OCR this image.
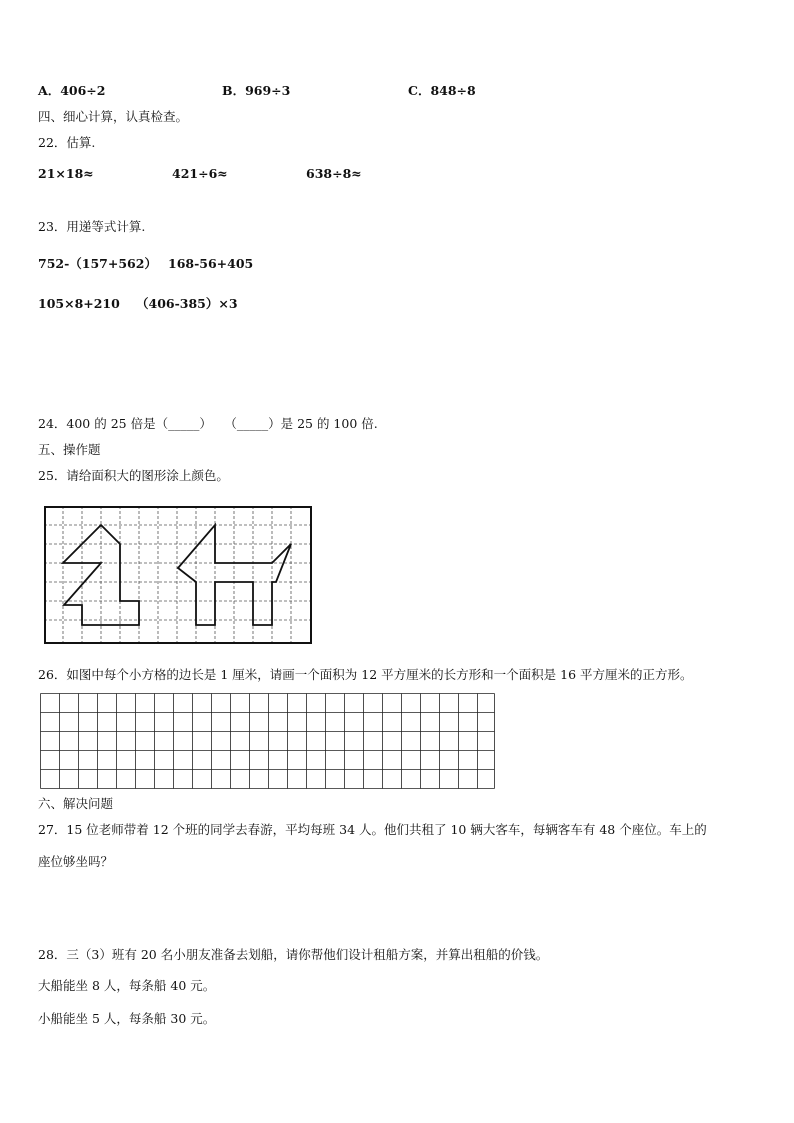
A．406÷2	B．969÷3	C．848÷8
四、细心计算，认真检查。
22．估算.
21×18≈	421÷6≈	638÷8≈
23．用递等式计算.
752-（157+562） 168-56+405
105×8+210 （406-385）×3
24．400 的 25 倍是（_____）　　（_____）是 25 的 100 倍.
五、操作题
25．请给面积大的图形涂上颜色。
26．如图中每个小方格的边长是 1 厘米，请画一个面积为 12 平方厘米的长方形和一个面积是 16 平方厘米的正方形。
六、解决问题
27．15 位老师带着 12 个班的同学去春游，平均每班 34 人。他们共租了 10 辆大客车，每辆客车有 48 个座位。车上的
座位够坐吗？
28．三（3）班有 20 名小朋友准备去划船，请你帮他们设计租船方案，并算出租船的价钱。
大船能坐 8 人，每条船 40 元。
小船能坐 5 人，每条船 30 元。
